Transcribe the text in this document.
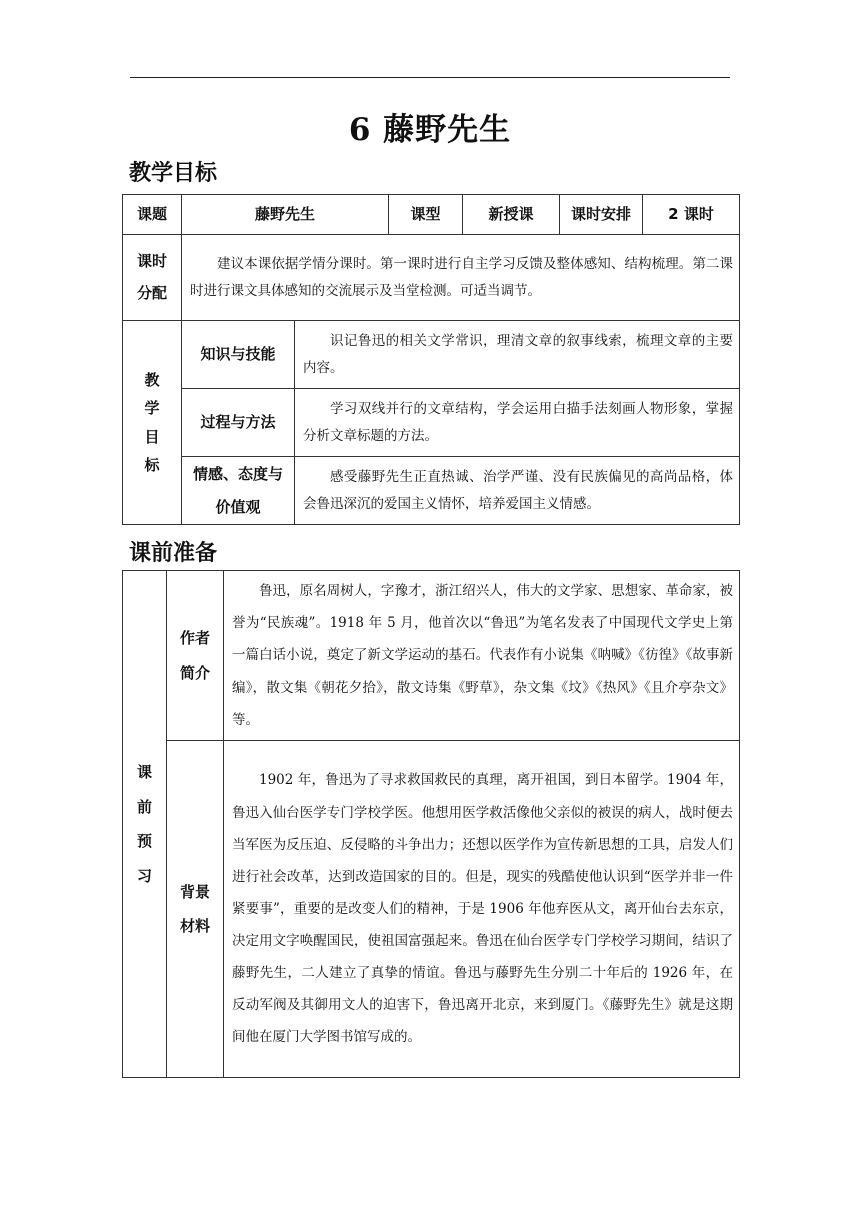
6 藤野先生
教学目标
课题	藤野先生		课型	新授课	课时安排	2 课时
课时分配	建议本课依据学情分课时。第一课时进行自主学习反馈及整体感知、结构梳理。第二课时进行课文具体感知的交流展示及当堂检测。可适当调节。					
教学目标	知识与技能	识记鲁迅的相关文学常识，理清文章的叙事线索，梳理文章的主要内容。				
	过程与方法	学习双线并行的文章结构，学会运用白描手法刻画人物形象，掌握分析文章标题的方法。				
	情感、态度与价值观	感受藤野先生正直热诚、治学严谨、没有民族偏见的高尚品格，体会鲁迅深沉的爱国主义情怀，培养爱国主义情感。				
课前准备
课前预习	作者简介	鲁迅，原名周树人，字豫才，浙江绍兴人，伟大的文学家、思想家、革命家，被誉为“民族魂”。1918 年 5 月，他首次以“鲁迅”为笔名发表了中国现代文学史上第一篇白话小说，奠定了新文学运动的基石。代表作有小说集《呐喊》《彷徨》《故事新编》，散文集《朝花夕拾》，散文诗集《野草》，杂文集《坟》《热风》《且介亭杂文》等。
	背景材料	1902 年，鲁迅为了寻求救国救民的真理，离开祖国，到日本留学。1904 年，鲁迅入仙台医学专门学校学医。他想用医学救活像他父亲似的被误的病人，战时便去当军医为反压迫、反侵略的斗争出力；还想以医学作为宣传新思想的工具，启发人们进行社会改革，达到改造国家的目的。但是，现实的残酷使他认识到“医学并非一件紧要事”，重要的是改变人们的精神，于是 1906 年他弃医从文，离开仙台去东京，决定用文字唤醒国民，使祖国富强起来。鲁迅在仙台医学专门学校学习期间，结识了藤野先生，二人建立了真挚的情谊。鲁迅与藤野先生分别二十年后的 1926 年，在反动军阀及其御用文人的迫害下，鲁迅离开北京，来到厦门。《藤野先生》就是这期间他在厦门大学图书馆写成的。
